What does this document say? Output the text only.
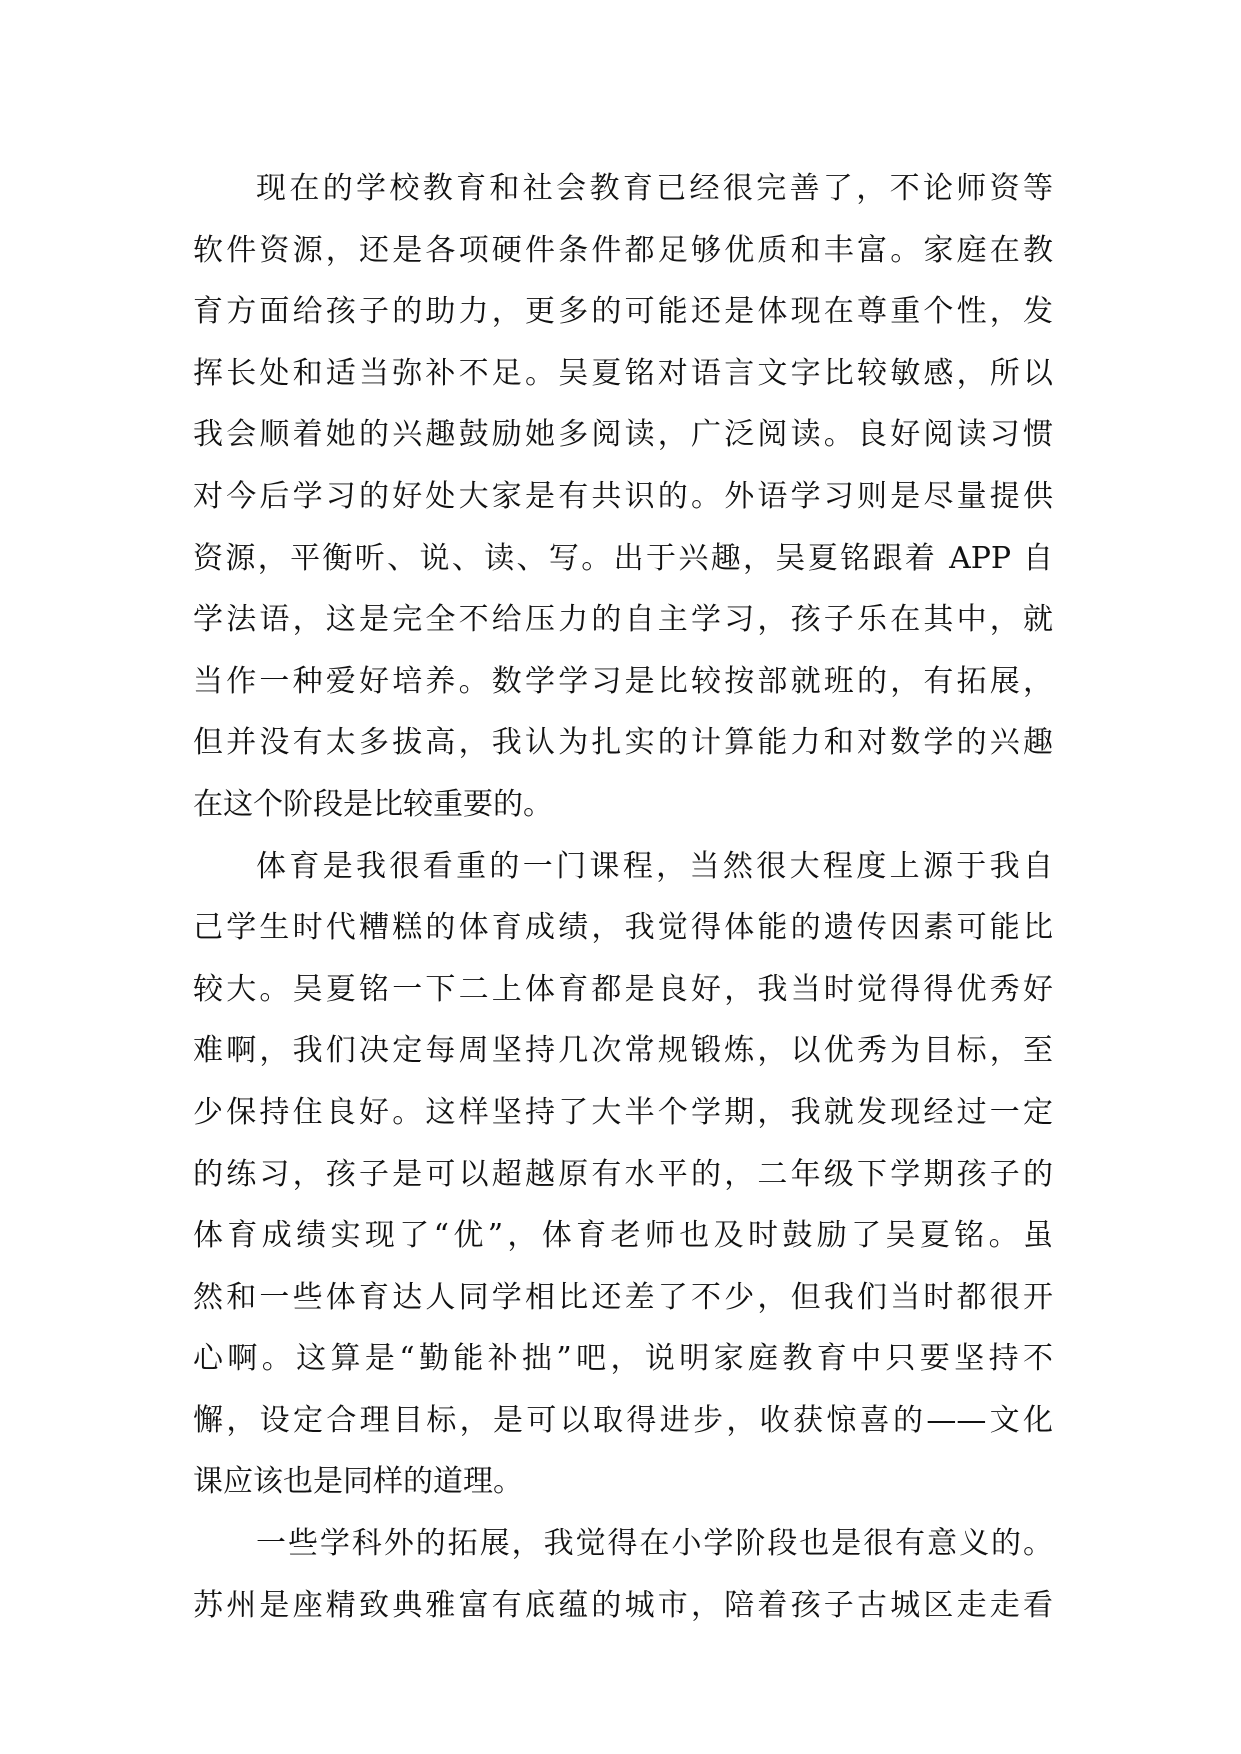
现在的学校教育和社会教育已经很完善了，不论师资等
软件资源，还是各项硬件条件都足够优质和丰富。家庭在教
育方面给孩子的助力，更多的可能还是体现在尊重个性，发
挥长处和适当弥补不足。吴夏铭对语言文字比较敏感，所以
我会顺着她的兴趣鼓励她多阅读，广泛阅读。良好阅读习惯
对今后学习的好处大家是有共识的。外语学习则是尽量提供
资源，平衡听、说、读、写。出于兴趣，吴夏铭跟着 APP 自
学法语，这是完全不给压力的自主学习，孩子乐在其中，就
当作一种爱好培养。数学学习是比较按部就班的，有拓展，
但并没有太多拔高，我认为扎实的计算能力和对数学的兴趣
在这个阶段是比较重要的。
体育是我很看重的一门课程，当然很大程度上源于我自
己学生时代糟糕的体育成绩，我觉得体能的遗传因素可能比
较大。吴夏铭一下二上体育都是良好，我当时觉得得优秀好
难啊，我们决定每周坚持几次常规锻炼，以优秀为目标，至
少保持住良好。这样坚持了大半个学期，我就发现经过一定
的练习，孩子是可以超越原有水平的，二年级下学期孩子的
体育成绩实现了“优”，体育老师也及时鼓励了吴夏铭。虽
然和一些体育达人同学相比还差了不少，但我们当时都很开
心啊。这算是“勤能补拙”吧，说明家庭教育中只要坚持不
懈，设定合理目标，是可以取得进步，收获惊喜的——文化
课应该也是同样的道理。
一些学科外的拓展，我觉得在小学阶段也是很有意义的。
苏州是座精致典雅富有底蕴的城市，陪着孩子古城区走走看
